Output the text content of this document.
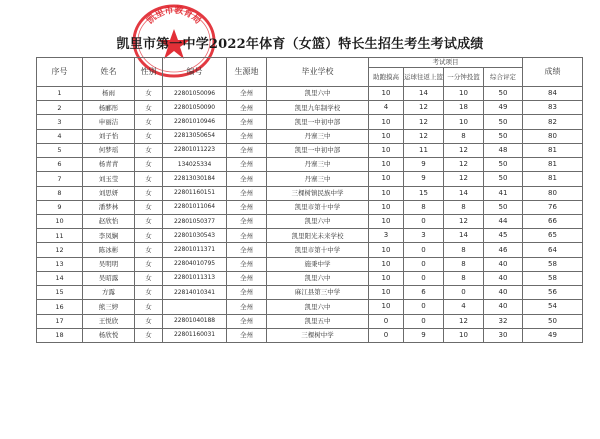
凯里市教育局
凯里市第一中学2022年体育（女篮）特长生招生考生考试成绩
序号	姓名	性别	编号	生源地	毕业学校	考试项目				成绩
						助跑摸高	运球往返上篮	一分钟投篮	综合评定	
1	杨雨	女	22801050096	全州	凯里六中	10	14	10	50	84
2	杨郦彤	女	22801050090	全州	凯里九年制学校	4	12	18	49	83
3	申丽洁	女	22801010946	全州	凯里一中初中部	10	12	10	50	82
4	刘子怡	女	22813050654	全州	丹寨三中	10	12	8	50	80
5	何梦瑶	女	22801011223	全州	凯里一中初中部	10	11	12	48	81
6	杨青青	女	134025334	全州	丹寨三中	10	9	12	50	81
7	刘玉莹	女	22813030184	全州	丹寨三中	10	9	12	50	81
8	刘思妍	女	22801160151	全州	三棵树镇民族中学	10	15	14	41	80
9	潘梦林	女	22801011064	全州	凯里市第十中学	10	8	8	50	76
10	赵欣怡	女	22801050377	全州	凯里六中	10	0	12	44	66
11	李凤娴	女	22801030543	全州	凯里阳光未来学校	3	3	14	45	65
12	陈冰彬	女	22801011371	全州	凯里市第十中学	10	0	8	46	64
13	吴明明	女	22804010795	全州	施秉中学	10	0	8	40	58
14	吴昭露	女	22801011313	全州	凯里六中	10	0	8	40	58
15	方露	女	22814010341	全州	麻江县第三中学	10	6	0	40	56
16	熊三婷	女		全州	凯里六中	10	0	4	40	54
17	王悦欣	女	22801040188	全州	凯里五中	0	0	12	32	50
18	杨欣悦	女	22801160031	全州	三棵树中学	0	9	10	30	49
